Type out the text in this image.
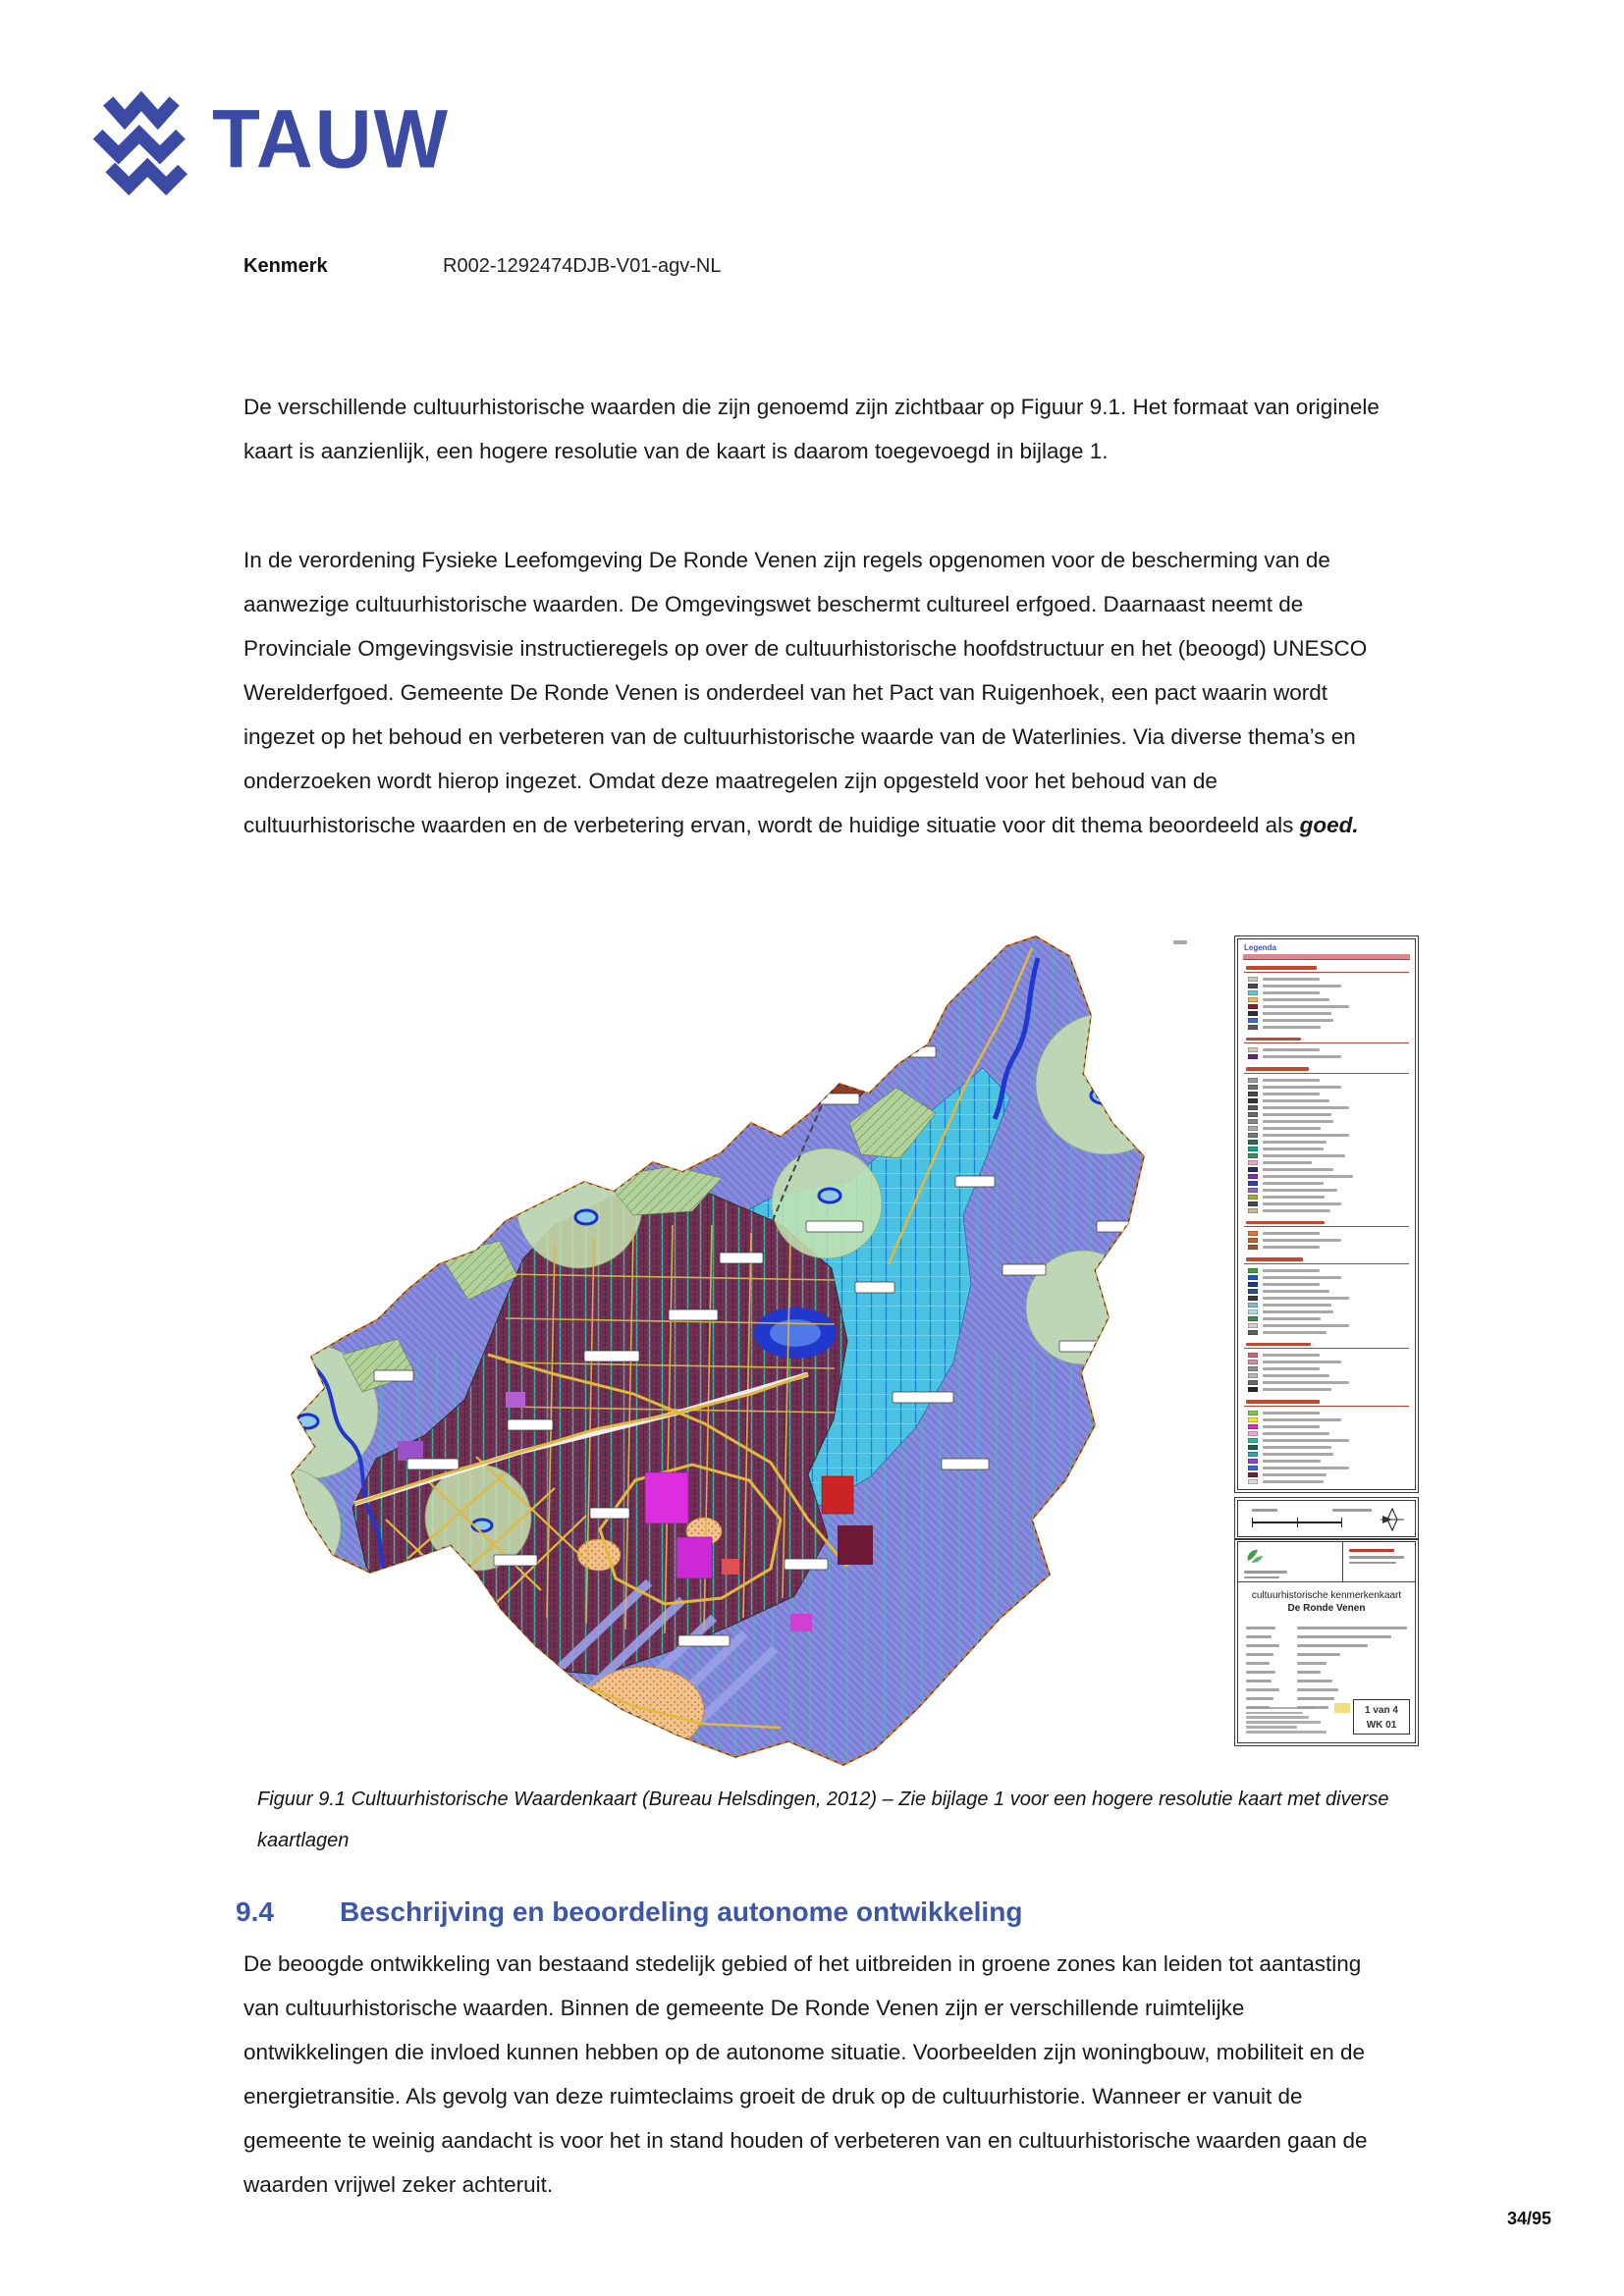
TAUW
Kenmerk	R002-1292474DJB-V01-agv-NL

De verschillende cultuurhistorische waarden die zijn genoemd zijn zichtbaar op Figuur 9.1. Het formaat van originele kaart is aanzienlijk, een hogere resolutie van de kaart is daarom toegevoegd in bijlage 1.

In de verordening Fysieke Leefomgeving De Ronde Venen zijn regels opgenomen voor de bescherming van de aanwezige cultuurhistorische waarden. De Omgevingswet beschermt cultureel erfgoed. Daarnaast neemt de Provinciale Omgevingsvisie instructieregels op over de cultuurhistorische hoofdstructuur en het (beoogd) UNESCO Werelderfgoed. Gemeente De Ronde Venen is onderdeel van het Pact van Ruigenhoek, een pact waarin wordt ingezet op het behoud en verbeteren van de cultuurhistorische waarde van de Waterlinies. Via diverse thema’s en onderzoeken wordt hierop ingezet. Omdat deze maatregelen zijn opgesteld voor het behoud van de cultuurhistorische waarden en de verbetering ervan, wordt de huidige situatie voor dit thema beoordeeld als goed.

Legenda
cultuurhistorische kenmerkenkaart
De Ronde Venen
1 van 4
WK 01

Figuur 9.1 Cultuurhistorische Waardenkaart (Bureau Helsdingen, 2012) – Zie bijlage 1 voor een hogere resolutie kaart met diverse kaartlagen

9.4 Beschrijving en beoordeling autonome ontwikkeling

De beoogde ontwikkeling van bestaand stedelijk gebied of het uitbreiden in groene zones kan leiden tot aantasting van cultuurhistorische waarden. Binnen de gemeente De Ronde Venen zijn er verschillende ruimtelijke ontwikkelingen die invloed kunnen hebben op de autonome situatie. Voorbeelden zijn woningbouw, mobiliteit en de energietransitie. Als gevolg van deze ruimteclaims groeit de druk op de cultuurhistorie. Wanneer er vanuit de gemeente te weinig aandacht is voor het in stand houden of verbeteren van en cultuurhistorische waarden gaan de waarden vrijwel zeker achteruit.

34/95
